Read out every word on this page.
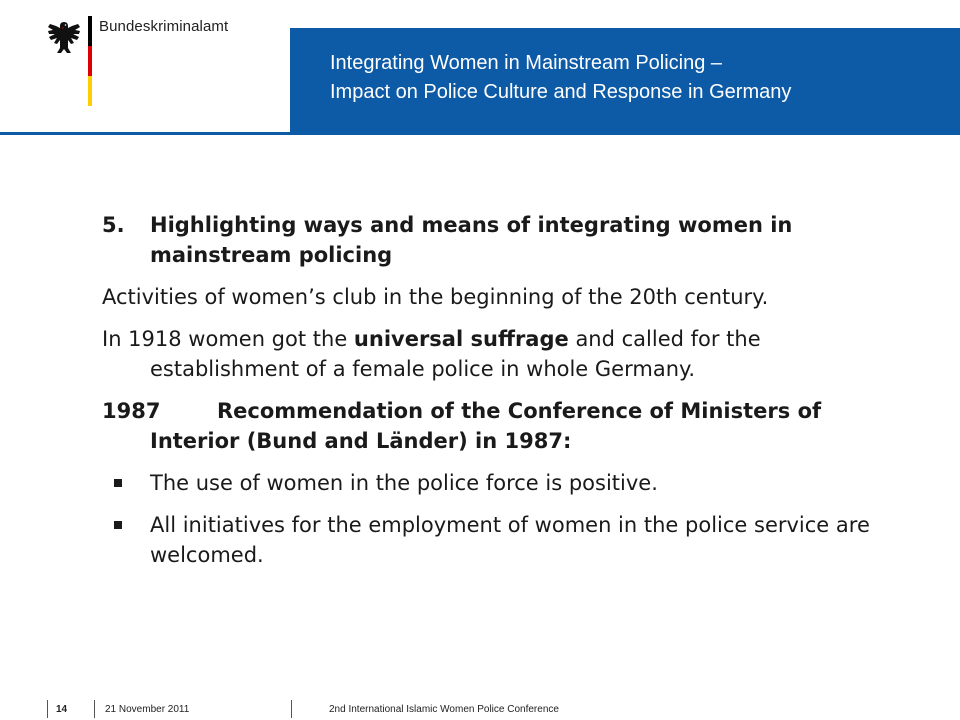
Bundeskriminalamt
Integrating Women in Mainstream Policing –
Impact on Police Culture and Response in Germany

5. Highlighting ways and means of integrating women in mainstream policing

Activities of women’s club in the beginning of the 20th century.

In 1918 women got the universal suffrage and called for the establishment of a female police in whole Germany.

1987	Recommendation of the Conference of Ministers of Interior (Bund and Länder) in 1987:

The use of women in the police force is positive.
All initiatives for the employment of women in the police service are welcomed.
14	21 November 2011	2nd International Islamic Women Police Conference
